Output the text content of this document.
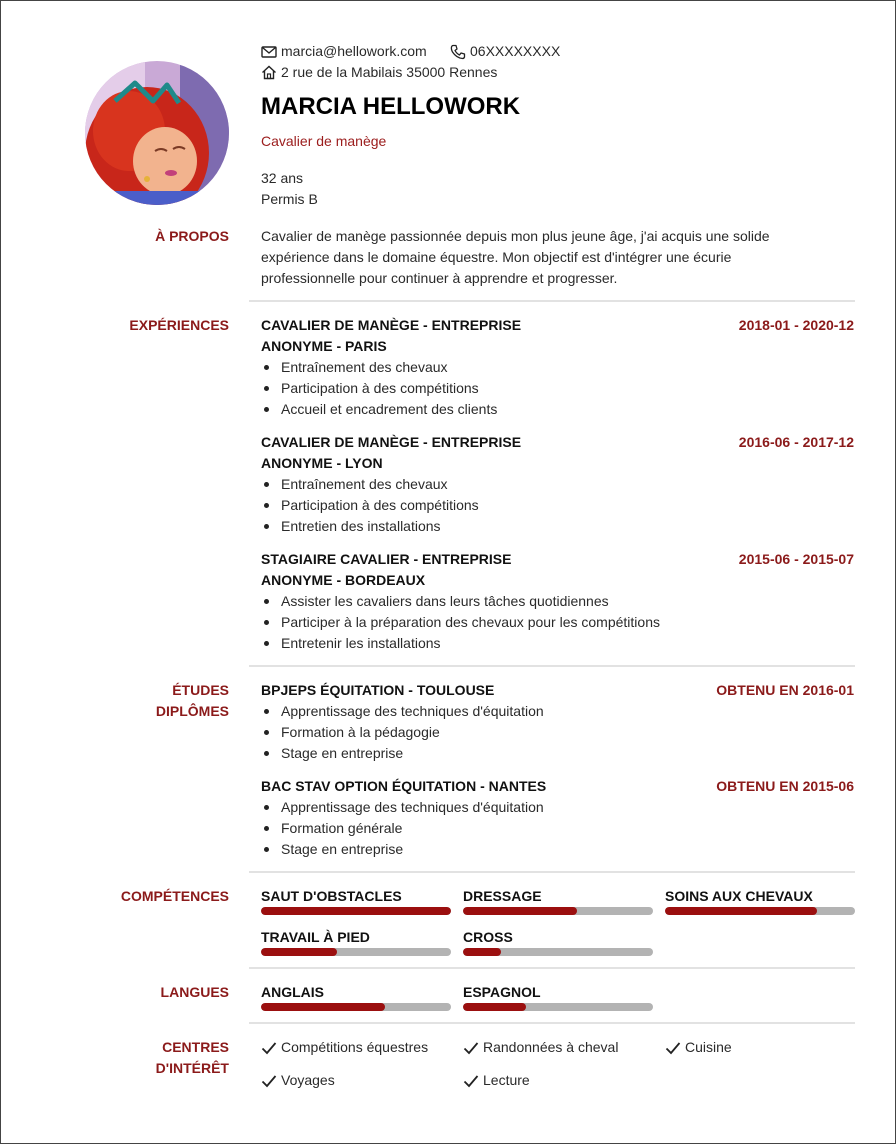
marcia@hellowork.com	06XXXXXXXX
2 rue de la Mabilais 35000 Rennes
MARCIA HELLOWORK
Cavalier de manège
32 ans
Permis B
À PROPOS Cavalier de manège passionnée depuis mon plus jeune âge, j'ai acquis une solide
expérience dans le domaine équestre. Mon objectif est d'intégrer une écurie
professionnelle pour continuer à apprendre et progresser.
EXPÉRIENCES CAVALIER DE MANÈGE - ENTREPRISE	2018-01 - 2020-12
ANONYME - PARIS
Entraînement des chevaux
Participation à des compétitions
Accueil et encadrement des clients
CAVALIER DE MANÈGE - ENTREPRISE	2016-06 - 2017-12
ANONYME - LYON
Entraînement des chevaux
Participation à des compétitions
Entretien des installations
STAGIAIRE CAVALIER - ENTREPRISE	2015-06 - 2015-07
ANONYME - BORDEAUX
Assister les cavaliers dans leurs tâches quotidiennes
Participer à la préparation des chevaux pour les compétitions
Entretenir les installations
ÉTUDES
DIPLÔMES
BPJEPS ÉQUITATION - TOULOUSE	OBTENU EN 2016-01
Apprentissage des techniques d'équitation
Formation à la pédagogie
Stage en entreprise
BAC STAV OPTION ÉQUITATION - NANTES	OBTENU EN 2015-06
Apprentissage des techniques d'équitation
Formation générale
Stage en entreprise
COMPÉTENCES SAUT D'OBSTACLES	DRESSAGE	SOINS AUX CHEVAUX
TRAVAIL À PIED	CROSS
LANGUES ANGLAIS	ESPAGNOL
CENTRES
D'INTÉRÊT
Compétitions équestres	Randonnées à cheval	Cuisine
Voyages	Lecture
